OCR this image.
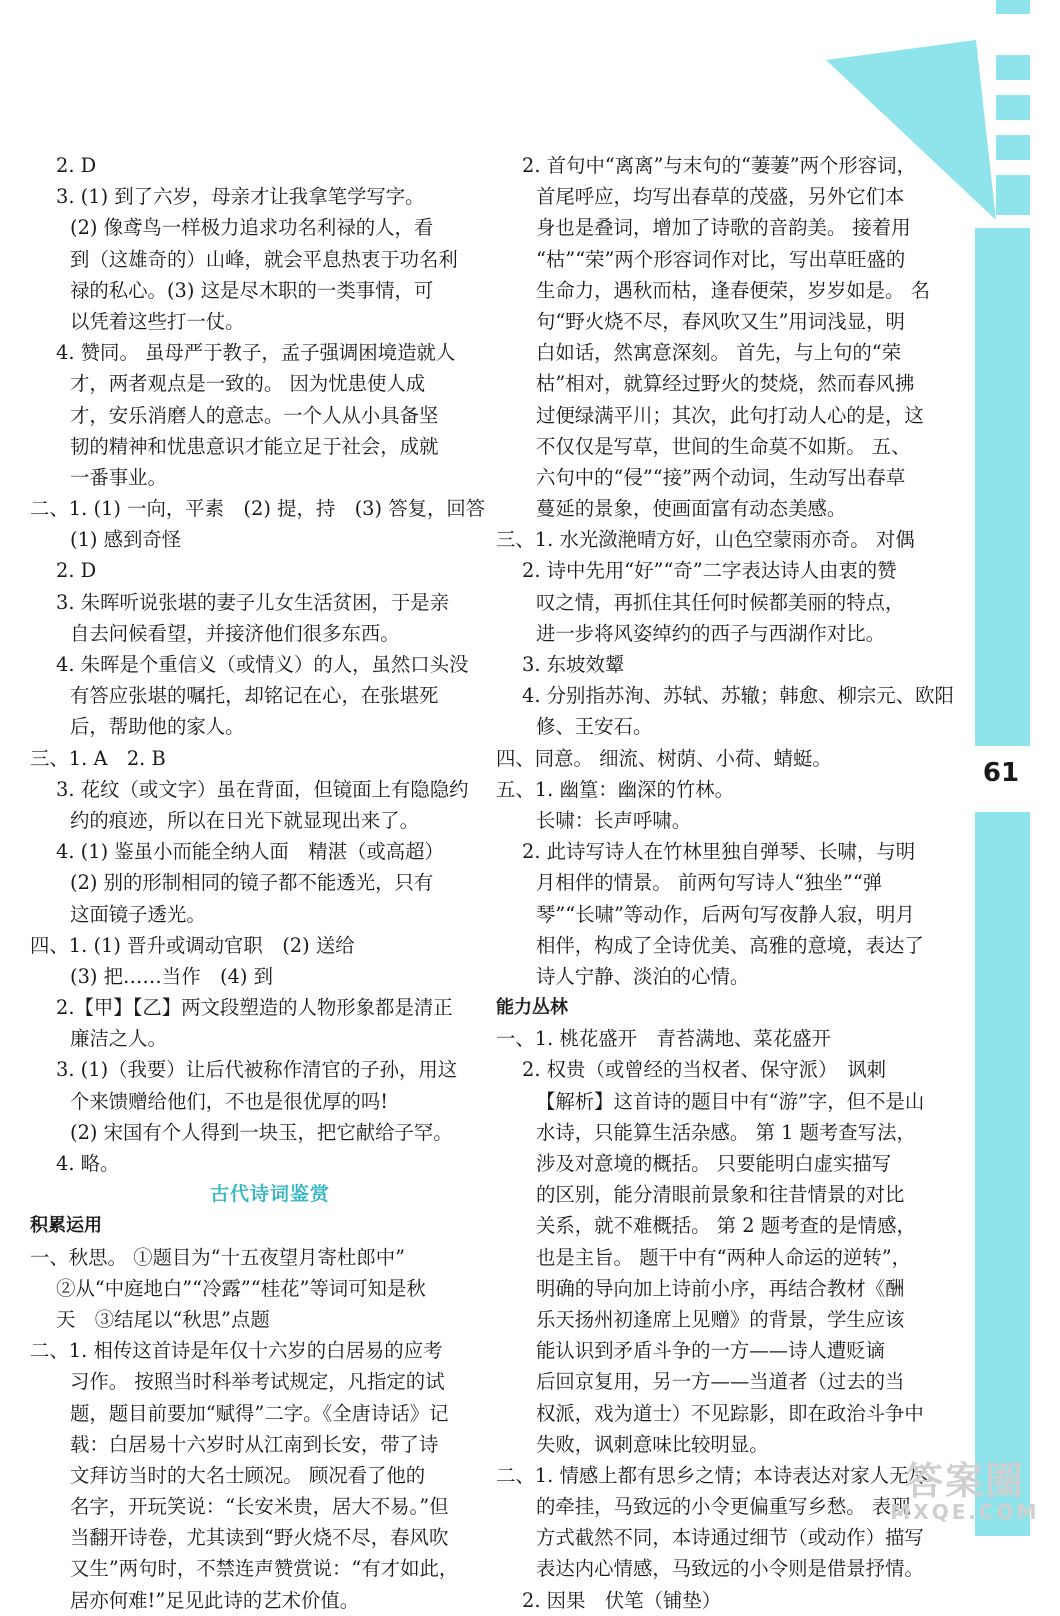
61
2. D
3. (1) 到了六岁，母亲才让我拿笔学写字。
(2) 像鸢鸟一样极力追求功名利禄的人，看
到（这雄奇的）山峰，就会平息热衷于功名利
禄的私心。(3) 这是尽木职的一类事情，可
以凭着这些打一仗。
4. 赞同。 虽母严于教子，孟子强调困境造就人
才，两者观点是一致的。 因为忧患使人成
才，安乐消磨人的意志。一个人从小具备坚
韧的精神和忧患意识才能立足于社会，成就
一番事业。
二、1. (1) 一向，平素　(2) 提，持　(3) 答复，回答
(1) 感到奇怪
2. D
3. 朱晖听说张堪的妻子儿女生活贫困，于是亲
自去问候看望，并接济他们很多东西。
4. 朱晖是个重信义（或情义）的人，虽然口头没
有答应张堪的嘱托，却铭记在心，在张堪死
后，帮助他的家人。
三、1. A　2. B
3. 花纹（或文字）虽在背面，但镜面上有隐隐约
约的痕迹，所以在日光下就显现出来了。
4. (1) 鉴虽小而能全纳人面　精湛（或高超）
(2) 别的形制相同的镜子都不能透光，只有
这面镜子透光。
四、1. (1) 晋升或调动官职　(2) 送给
(3) 把……当作　(4) 到
2.【甲】【乙】两文段塑造的人物形象都是清正
廉洁之人。
3. (1)（我要）让后代被称作清官的子孙，用这
个来馈赠给他们，不也是很优厚的吗!
(2) 宋国有个人得到一块玉，把它献给子罕。
4. 略。
古代诗词鉴赏
积累运用
一、秋思。 ①题目为“十五夜望月寄杜郎中”
②从“中庭地白”“冷露”“桂花”等词可知是秋
天　③结尾以“秋思”点题
二、1. 相传这首诗是年仅十六岁的白居易的应考
习作。 按照当时科举考试规定，凡指定的试
题，题目前要加“赋得”二字。《全唐诗话》记
载：白居易十六岁时从江南到长安，带了诗
文拜访当时的大名士顾况。 顾况看了他的
名字，开玩笑说：“长安米贵，居大不易。”但
当翻开诗卷，尤其读到“野火烧不尽，春风吹
又生”两句时，不禁连声赞赏说：“有才如此，
居亦何难!”足见此诗的艺术价值。
2. 首句中“离离”与末句的“萋萋”两个形容词，
首尾呼应，均写出春草的茂盛，另外它们本
身也是叠词，增加了诗歌的音韵美。 接着用
“枯”“荣”两个形容词作对比，写出草旺盛的
生命力，遇秋而枯，逢春便荣，岁岁如是。 名
句“野火烧不尽，春风吹又生”用词浅显，明
白如话，然寓意深刻。 首先，与上句的“荣
枯”相对，就算经过野火的焚烧，然而春风拂
过便绿满平川；其次，此句打动人心的是，这
不仅仅是写草，世间的生命莫不如斯。 五、
六句中的“侵”“接”两个动词，生动写出春草
蔓延的景象，使画面富有动态美感。
三、1. 水光潋滟晴方好，山色空蒙雨亦奇。 对偶
2. 诗中先用“好”“奇”二字表达诗人由衷的赞
叹之情，再抓住其任何时候都美丽的特点，
进一步将风姿绰约的西子与西湖作对比。
3. 东坡效颦
4. 分别指苏洵、苏轼、苏辙；韩愈、柳宗元、欧阳
修、王安石。
四、同意。 细流、树荫、小荷、蜻蜓。
五、1. 幽篁：幽深的竹林。
长啸：长声呼啸。
2. 此诗写诗人在竹林里独自弹琴、长啸，与明
月相伴的情景。 前两句写诗人“独坐”“弹
琴”“长啸”等动作，后两句写夜静人寂，明月
相伴，构成了全诗优美、高雅的意境，表达了
诗人宁静、淡泊的心情。
能力丛林
一、1. 桃花盛开　青苔满地、菜花盛开
2. 权贵（或曾经的当权者、保守派）　讽刺
【解析】这首诗的题目中有“游”字，但不是山
水诗，只能算生活杂感。 第 1 题考查写法，
涉及对意境的概括。 只要能明白虚实描写
的区别，能分清眼前景象和往昔情景的对比
关系，就不难概括。 第 2 题考查的是情感，
也是主旨。 题干中有“两种人命运的逆转”，
明确的导向加上诗前小序，再结合教材《酬
乐天扬州初逢席上见赠》的背景，学生应该
能认识到矛盾斗争的一方——诗人遭贬谪
后回京复用，另一方——当道者（过去的当
权派，戏为道士）不见踪影，即在政治斗争中
失败，讽刺意味比较明显。
二、1. 情感上都有思乡之情；本诗表达对家人无尽
的牵挂，马致远的小令更偏重写乡愁。 表现
方式截然不同，本诗通过细节（或动作）描写
表达内心情感，马致远的小令则是借景抒情。
2. 因果　伏笔（铺垫）
答案圈
MXQE.COM
